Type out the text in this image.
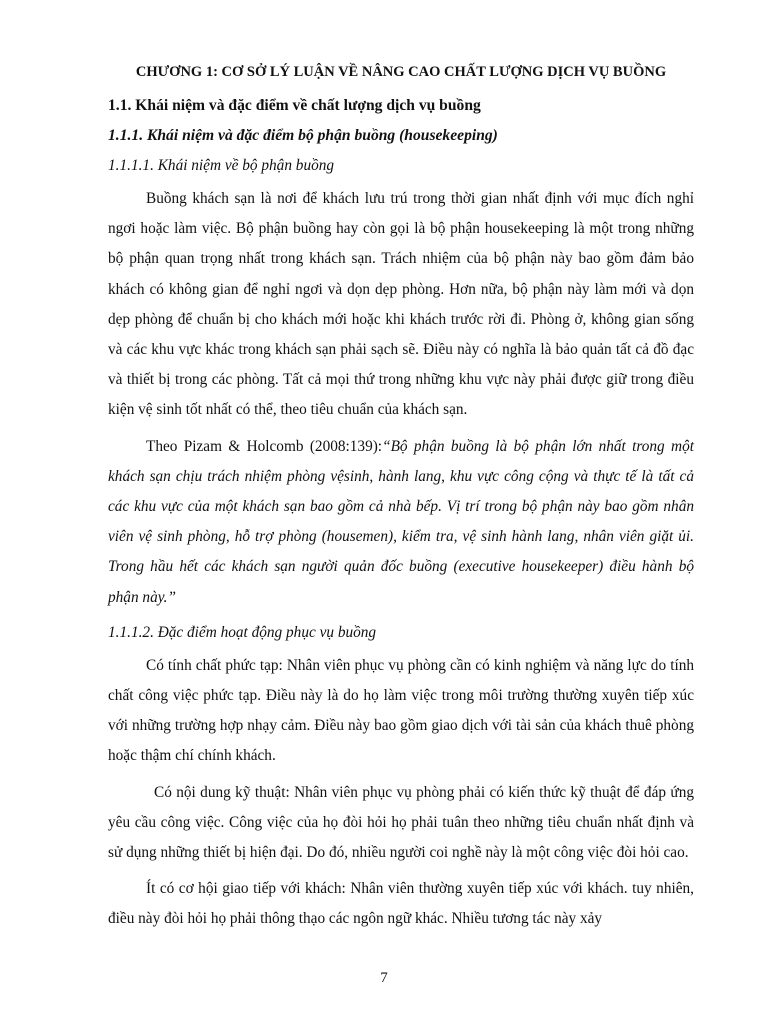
CHƯƠNG 1: CƠ SỞ LÝ LUẬN VỀ NÂNG CAO CHẤT LƯỢNG DỊCH VỤ BUỒNG
1.1. Khái niệm và đặc điểm về chất lượng dịch vụ buồng
1.1.1. Khái niệm và đặc điểm bộ phận buồng (housekeeping)
1.1.1.1. Khái niệm về bộ phận buồng

Buồng khách sạn là nơi để khách lưu trú trong thời gian nhất định với mục đích nghỉ ngơi hoặc làm việc. Bộ phận buồng hay còn gọi là bộ phận housekeeping là một trong những bộ phận quan trọng nhất trong khách sạn. Trách nhiệm của bộ phận này bao gồm đảm bảo khách có không gian để nghỉ ngơi và dọn dẹp phòng. Hơn nữa, bộ phận này làm mới và dọn dẹp phòng để chuẩn bị cho khách mới hoặc khi khách trước rời đi. Phòng ở, không gian sống và các khu vực khác trong khách sạn phải sạch sẽ. Điều này có nghĩa là bảo quản tất cả đồ đạc và thiết bị trong các phòng. Tất cả mọi thứ trong những khu vực này phải được giữ trong điều kiện vệ sinh tốt nhất có thể, theo tiêu chuẩn của khách sạn.

Theo Pizam & Holcomb (2008:139):“Bộ phận buồng là bộ phận lớn nhất trong một khách sạn chịu trách nhiệm phòng vệsinh, hành lang, khu vực công cộng và thực tế là tất cả các khu vực của một khách sạn bao gồm cả nhà bếp. Vị trí trong bộ phận này bao gồm nhân viên vệ sinh phòng, hỗ trợ phòng (housemen), kiểm tra, vệ sinh hành lang, nhân viên giặt ủi. Trong hầu hết các khách sạn người quản đốc buồng (executive housekeeper) điều hành bộ phận này.”

1.1.1.2. Đặc điểm hoạt động phục vụ buồng

Có tính chất phức tạp: Nhân viên phục vụ phòng cần có kinh nghiệm và năng lực do tính chất công việc phức tạp. Điều này là do họ làm việc trong môi trường thường xuyên tiếp xúc với những trường hợp nhạy cảm. Điều này bao gồm giao dịch với tài sản của khách thuê phòng hoặc thậm chí chính khách.

Có nội dung kỹ thuật: Nhân viên phục vụ phòng phải có kiến thức kỹ thuật để đáp ứng yêu cầu công việc. Công việc của họ đòi hỏi họ phải tuân theo những tiêu chuẩn nhất định và sử dụng những thiết bị hiện đại. Do đó, nhiều người coi nghề này là một công việc đòi hỏi cao.

Ít có cơ hội giao tiếp với khách: Nhân viên thường xuyên tiếp xúc với khách. tuy nhiên, điều này đòi hỏi họ phải thông thạo các ngôn ngữ khác. Nhiều tương tác này xảy

7
